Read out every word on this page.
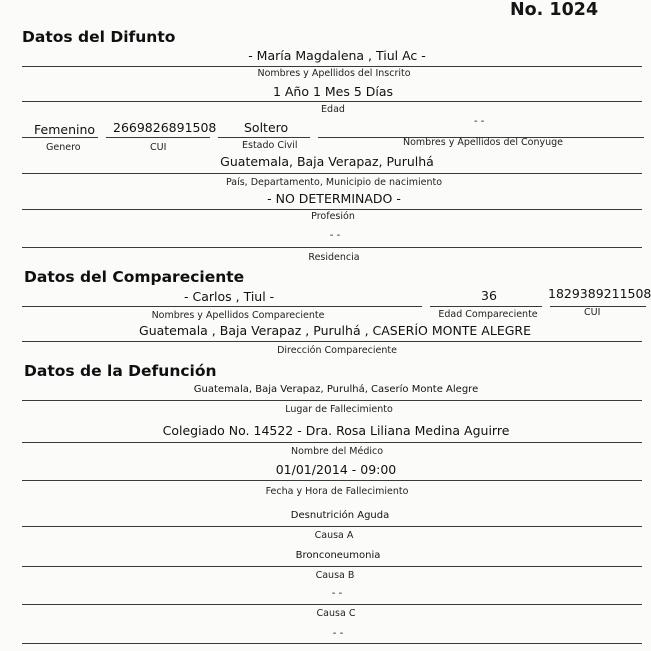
No. 1024
Datos del Difunto
- María Magdalena , Tiul Ac -
Nombres y Apellidos del Inscrito
1 Año 1 Mes 5 Días
Edad
Femenino 2669826891508 Soltero	- -
Genero	CUI	Estado Civil	Nombres y Apellidos del Conyuge
Guatemala, Baja Verapaz, Purulhá
País, Departamento, Municipio de nacimiento
- NO DETERMINADO -
Profesión
- -
Residencia
Datos del Compareciente
- Carlos , Tiul -	36	1829389211508
Nombres y Apellidos Compareciente	Edad Compareciente	CUI
Guatemala , Baja Verapaz , Purulhá , CASERÍO MONTE ALEGRE
Dirección Compareciente
Datos de la Defunción
Guatemala, Baja Verapaz, Purulhá, Caserío Monte Alegre
Lugar de Fallecimiento
Colegiado No. 14522 - Dra. Rosa Liliana Medina Aguirre
Nombre del Médico
01/01/2014 - 09:00
Fecha y Hora de Fallecimiento
Desnutrición Aguda
Causa A
Bronconeumonia
Causa B
- -
Causa C
- -
